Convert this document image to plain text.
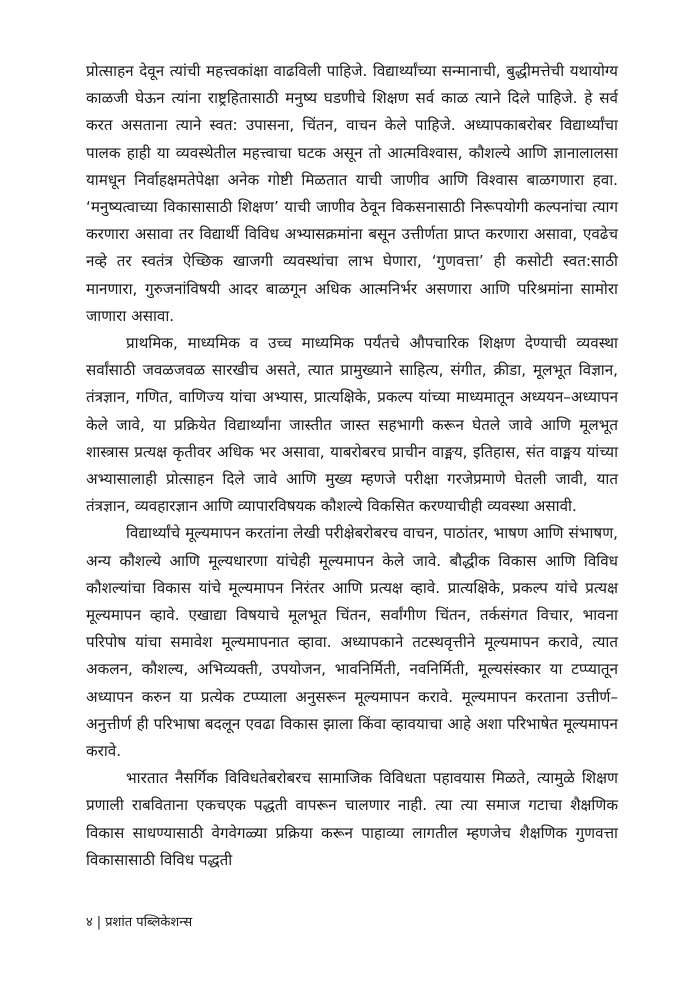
प्रोत्साहन देवून त्यांची महत्त्वकांक्षा वाढविली पाहिजे. विद्यार्थ्यांच्या सन्मानाची, बुद्धीमत्तेची यथायोग्य काळजी घेऊन त्यांना राष्ट्रहितासाठी मनुष्य घडणीचे शिक्षण सर्व काळ त्याने दिले पाहिजे. हे सर्व करत असताना त्याने स्वत: उपासना, चिंतन, वाचन केले पाहिजे. अध्यापकाबरोबर विद्यार्थ्यांचा पालक हाही या व्यवस्थेतील महत्त्वाचा घटक असून तो आत्मविश्वास, कौशल्ये आणि ज्ञानालालसा यामधून निर्वाहक्षमतेपेक्षा अनेक गोष्टी मिळतात याची जाणीव आणि विश्वास बाळगणारा हवा. ‘मनुष्यत्वाच्या विकासासाठी शिक्षण’ याची जाणीव ठेवून विकसनासाठी निरूपयोगी कल्पनांचा त्याग करणारा असावा तर विद्यार्थी विविध अभ्यासक्रमांना बसून उत्तीर्णता प्राप्त करणारा असावा, एवढेच नव्हे तर स्वतंत्र ऐच्छिक खाजगी व्यवस्थांचा लाभ घेणारा, ‘गुणवत्ता’ ही कसोटी स्वत:साठी मानणारा, गुरुजनांविषयी आदर बाळगून अधिक आत्मनिर्भर असणारा आणि परिश्रमांना सामोरा जाणारा असावा.

प्राथमिक, माध्यमिक व उच्च माध्यमिक पर्यंतचे औपचारिक शिक्षण देण्याची व्यवस्था सर्वांसाठी जवळजवळ सारखीच असते, त्यात प्रामुख्याने साहित्य, संगीत, क्रीडा, मूलभूत विज्ञान, तंत्रज्ञान, गणित, वाणिज्य यांचा अभ्यास, प्रात्यक्षिके, प्रकल्प यांच्या माध्यमातून अध्ययन–अध्यापन केले जावे, या प्रक्रियेत विद्यार्थ्यांना जास्तीत जास्त सहभागी करून घेतले जावे आणि मूलभूत शास्त्रास प्रत्यक्ष कृतीवर अधिक भर असावा, याबरोबरच प्राचीन वाङ्मय, इतिहास, संत वाङ्मय यांच्या अभ्यासालाही प्रोत्साहन दिले जावे आणि मुख्य म्हणजे परीक्षा गरजेप्रमाणे घेतली जावी, यात तंत्रज्ञान, व्यवहारज्ञान आणि व्यापारविषयक कौशल्ये विकसित करण्याचीही व्यवस्था असावी.

विद्यार्थ्यांचे मूल्यमापन करतांना लेखी परीक्षेबरोबरच वाचन, पाठांतर, भाषण आणि संभाषण, अन्य कौशल्ये आणि मूल्यधारणा यांचेही मूल्यमापन केले जावे. बौद्धीक विकास आणि विविध कौशल्यांचा विकास यांचे मूल्यमापन निरंतर आणि प्रत्यक्ष व्हावे. प्रात्यक्षिके, प्रकल्प यांचे प्रत्यक्ष मूल्यमापन व्हावे. एखाद्या विषयाचे मूलभूत चिंतन, सर्वांगीण चिंतन, तर्कसंगत विचार, भावना परिपोष यांचा समावेश मूल्यमापनात व्हावा. अध्यापकाने तटस्थवृत्तीने मूल्यमापन करावे, त्यात अकलन, कौशल्य, अभिव्यक्ती, उपयोजन, भावनिर्मिती, नवनिर्मिती, मूल्यसंस्कार या टप्प्यातून अध्यापन करुन या प्रत्येक टप्प्याला अनुसरून मूल्यमापन करावे. मूल्यमापन करताना उत्तीर्ण–अनुत्तीर्ण ही परिभाषा बदलून एवढा विकास झाला किंवा व्हावयाचा आहे अशा परिभाषेत मूल्यमापन करावे.

भारतात नैसर्गिक विविधतेबरोबरच सामाजिक विविधता पहावयास मिळते, त्यामुळे शिक्षण प्रणाली राबविताना एकचएक पद्धती वापरून चालणार नाही. त्या त्या समाज गटाचा शैक्षणिक विकास साधण्यासाठी वेगवेगळ्या प्रक्रिया करून पाहाव्या लागतील म्हणजेच शैक्षणिक गुणवत्ता विकासासाठी विविध पद्धती

४ | प्रशांत पब्लिकेशन्स
